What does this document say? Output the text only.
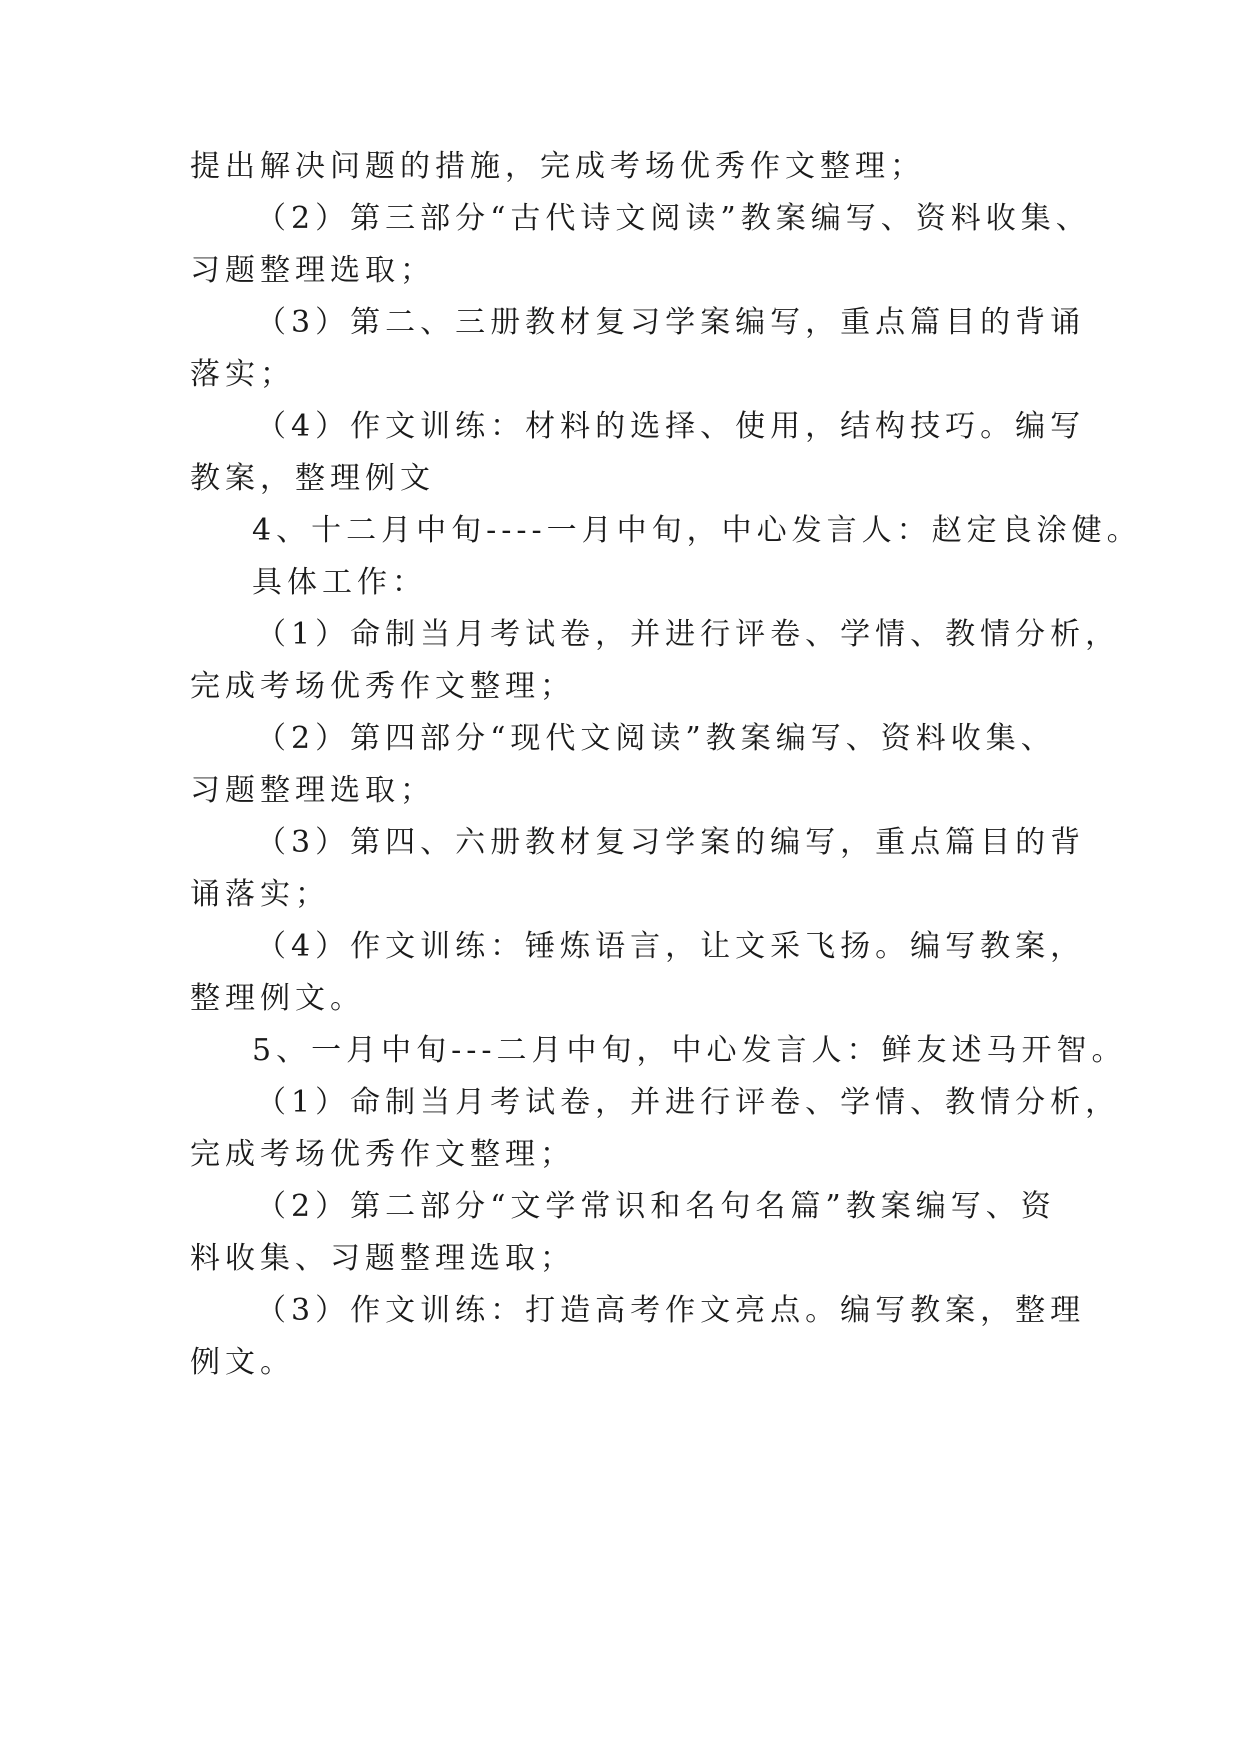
提出解决问题的措施，完成考场优秀作文整理；
（2）第三部分“古代诗文阅读”教案编写、资料收集、
习题整理选取；
（3）第二、三册教材复习学案编写，重点篇目的背诵
落实；
（4）作文训练：材料的选择、使用，结构技巧。编写
教案，整理例文
4、十二月中旬----一月中旬，中心发言人：赵定良涂健。
具体工作：
（1）命制当月考试卷，并进行评卷、学情、教情分析，
完成考场优秀作文整理；
（2）第四部分“现代文阅读”教案编写、资料收集、
习题整理选取；
（3）第四、六册教材复习学案的编写，重点篇目的背
诵落实；
（4）作文训练：锤炼语言，让文采飞扬。编写教案，
整理例文。
5、一月中旬---二月中旬，中心发言人：鲜友述马开智。
（1）命制当月考试卷，并进行评卷、学情、教情分析，
完成考场优秀作文整理；
（2）第二部分“文学常识和名句名篇”教案编写、资
料收集、习题整理选取；
（3）作文训练：打造高考作文亮点。编写教案，整理
例文。
